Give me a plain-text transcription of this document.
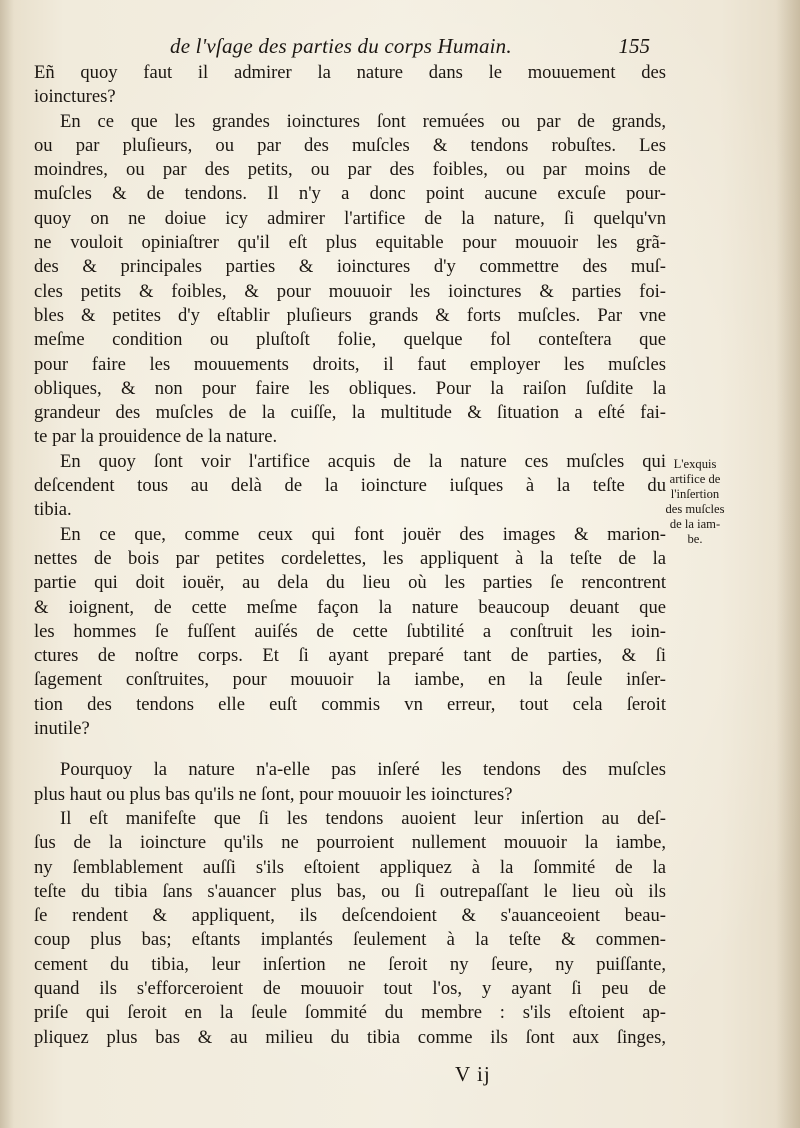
de l'vſage des parties du corps Humain.	155
Eñ quoy faut il admirer la nature dans le mouuement des
ioinctures?
En ce que les grandes ioinctures ſont remuées ou par de grands,
ou par pluſieurs, ou par des muſcles & tendons robuſtes. Les
moindres, ou par des petits, ou par des foibles, ou par moins de
muſcles & de tendons. Il n'y a donc point aucune excuſe pour-
quoy on ne doiue icy admirer l'artifice de la nature, ſi quelqu'vn
ne vouloit opiniaſtrer qu'il eſt plus equitable pour mouuoir les grã-
des & principales parties & ioinctures d'y commettre des muſ-
cles petits & foibles, & pour mouuoir les ioinctures & parties foi-
bles & petites d'y eſtablir pluſieurs grands & forts muſcles. Par vne
meſme condition ou pluſtoſt folie, quelque fol conteſtera que
pour faire les mouuements droits, il faut employer les muſcles
obliques, & non pour faire les obliques. Pour la raiſon ſuſdite la
grandeur des muſcles de la cuiſſe, la multitude & ſituation a eſté fai-
te par la prouidence de la nature.
En quoy ſont voir l'artifice acquis de la nature ces muſcles qui
deſcendent tous au delà de la ioincture iuſques à la teſte du
tibia.
En ce que, comme ceux qui font jouër des images & marion-
nettes de bois par petites cordelettes, les appliquent à la teſte de la
partie qui doit iouër, au dela du lieu où les parties ſe rencontrent
& ioignent, de cette meſme façon la nature beaucoup deuant que
les hommes ſe fuſſent auiſés de cette ſubtilité a conſtruit les ioin-
ctures de noſtre corps. Et ſi ayant preparé tant de parties, & ſi
ſagement conſtruites, pour mouuoir la iambe, en la ſeule inſer-
tion des tendons elle euſt commis vn erreur, tout cela ſeroit
inutile?
Pourquoy la nature n'a-elle pas inſeré les tendons des muſcles
plus haut ou plus bas qu'ils ne ſont, pour mouuoir les ioinctures?
Il eſt manifeſte que ſi les tendons auoient leur inſertion au deſ-
ſus de la ioincture qu'ils ne pourroient nullement mouuoir la iambe,
ny ſemblablement auſſi s'ils eſtoient appliquez à la ſommité de la
teſte du tibia ſans s'auancer plus bas, ou ſi outrepaſſant le lieu où ils
ſe rendent & appliquent, ils deſcendoient & s'auanceoient beau-
coup plus bas; eſtants implantés ſeulement à la teſte & commen-
cement du tibia, leur inſertion ne ſeroit ny ſeure, ny puiſſante,
quand ils s'efforceroient de mouuoir tout l'os, y ayant ſi peu de
priſe qui ſeroit en la ſeule ſommité du membre : s'ils eſtoient ap-
pliquez plus bas & au milieu du tibia comme ils ſont aux ſinges,
L'exquis
artifice de
l'inſertion
des muſcles
de la iam-
be.
V ij
